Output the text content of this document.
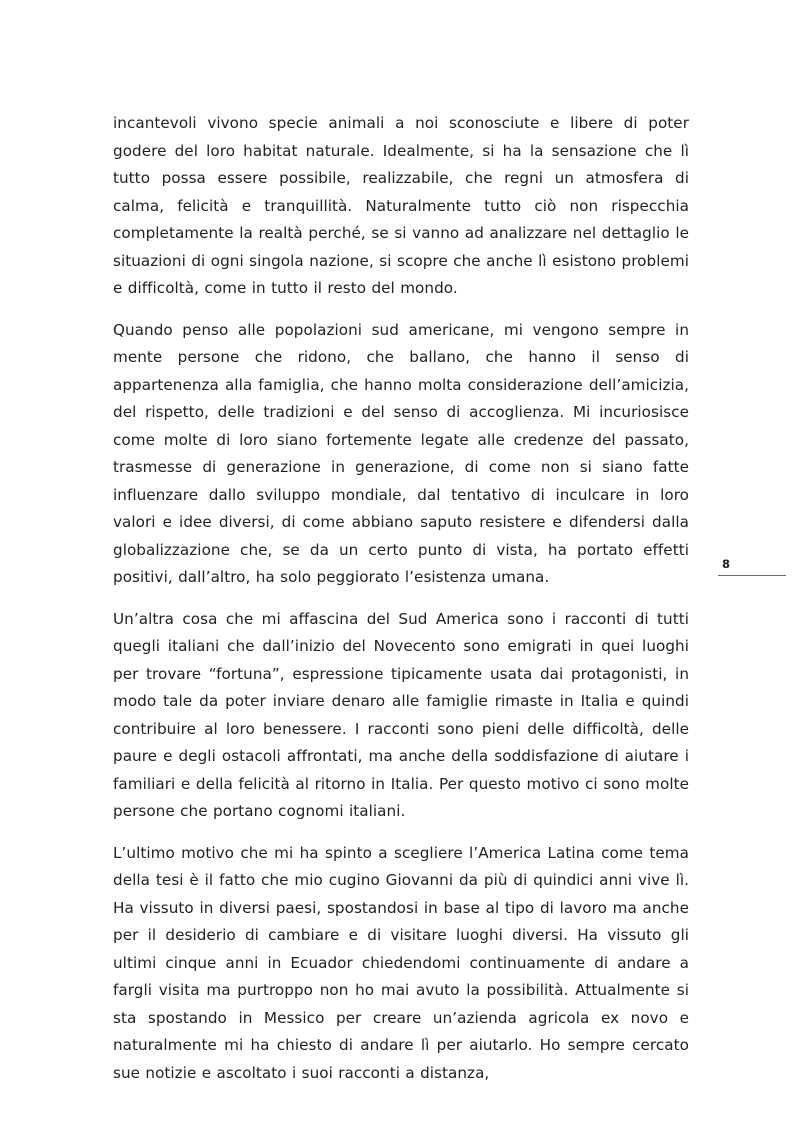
incantevoli vivono specie animali a noi sconosciute e libere di poter godere del loro habitat naturale. Idealmente, si ha la sensazione che lì tutto possa essere possibile, realizzabile, che regni un atmosfera di calma, felicità e tranquillità. Naturalmente tutto ciò non rispecchia completamente la realtà perché, se si vanno ad analizzare nel dettaglio le situazioni di ogni singola nazione, si scopre che anche lì esistono problemi e difficoltà, come in tutto il resto del mondo.

Quando penso alle popolazioni sud americane, mi vengono sempre in mente persone che ridono, che ballano, che hanno il senso di appartenenza alla famiglia, che hanno molta considerazione dell’amicizia, del rispetto, delle tradizioni e del senso di accoglienza. Mi incuriosisce come molte di loro siano fortemente legate alle credenze del passato, trasmesse di generazione in generazione, di come non si siano fatte influenzare dallo sviluppo mondiale, dal tentativo di inculcare in loro valori e idee diversi, di come abbiano saputo resistere e difendersi dalla globalizzazione che, se da un certo punto di vista, ha portato effetti positivi, dall’altro, ha solo peggiorato l’esistenza umana.

Un’altra cosa che mi affascina del Sud America sono i racconti di tutti quegli italiani che dall’inizio del Novecento sono emigrati in quei luoghi per trovare “fortuna”, espressione tipicamente usata dai protagonisti, in modo tale da poter inviare denaro alle famiglie rimaste in Italia e quindi contribuire al loro benessere. I racconti sono pieni delle difficoltà, delle paure e degli ostacoli affrontati, ma anche della soddisfazione di aiutare i familiari e della felicità al ritorno in Italia. Per questo motivo ci sono molte persone che portano cognomi italiani.

L’ultimo motivo che mi ha spinto a scegliere l’America Latina come tema della tesi è il fatto che mio cugino Giovanni da più di quindici anni vive lì. Ha vissuto in diversi paesi, spostandosi in base al tipo di lavoro ma anche per il desiderio di cambiare e di visitare luoghi diversi. Ha vissuto gli ultimi cinque anni in Ecuador chiedendomi continuamente di andare a fargli visita ma purtroppo non ho mai avuto la possibilità. Attualmente si sta spostando in Messico per creare un’azienda agricola ex novo e naturalmente mi ha chiesto di andare lì per aiutarlo. Ho sempre cercato sue notizie e ascoltato i suoi racconti a distanza,

8
